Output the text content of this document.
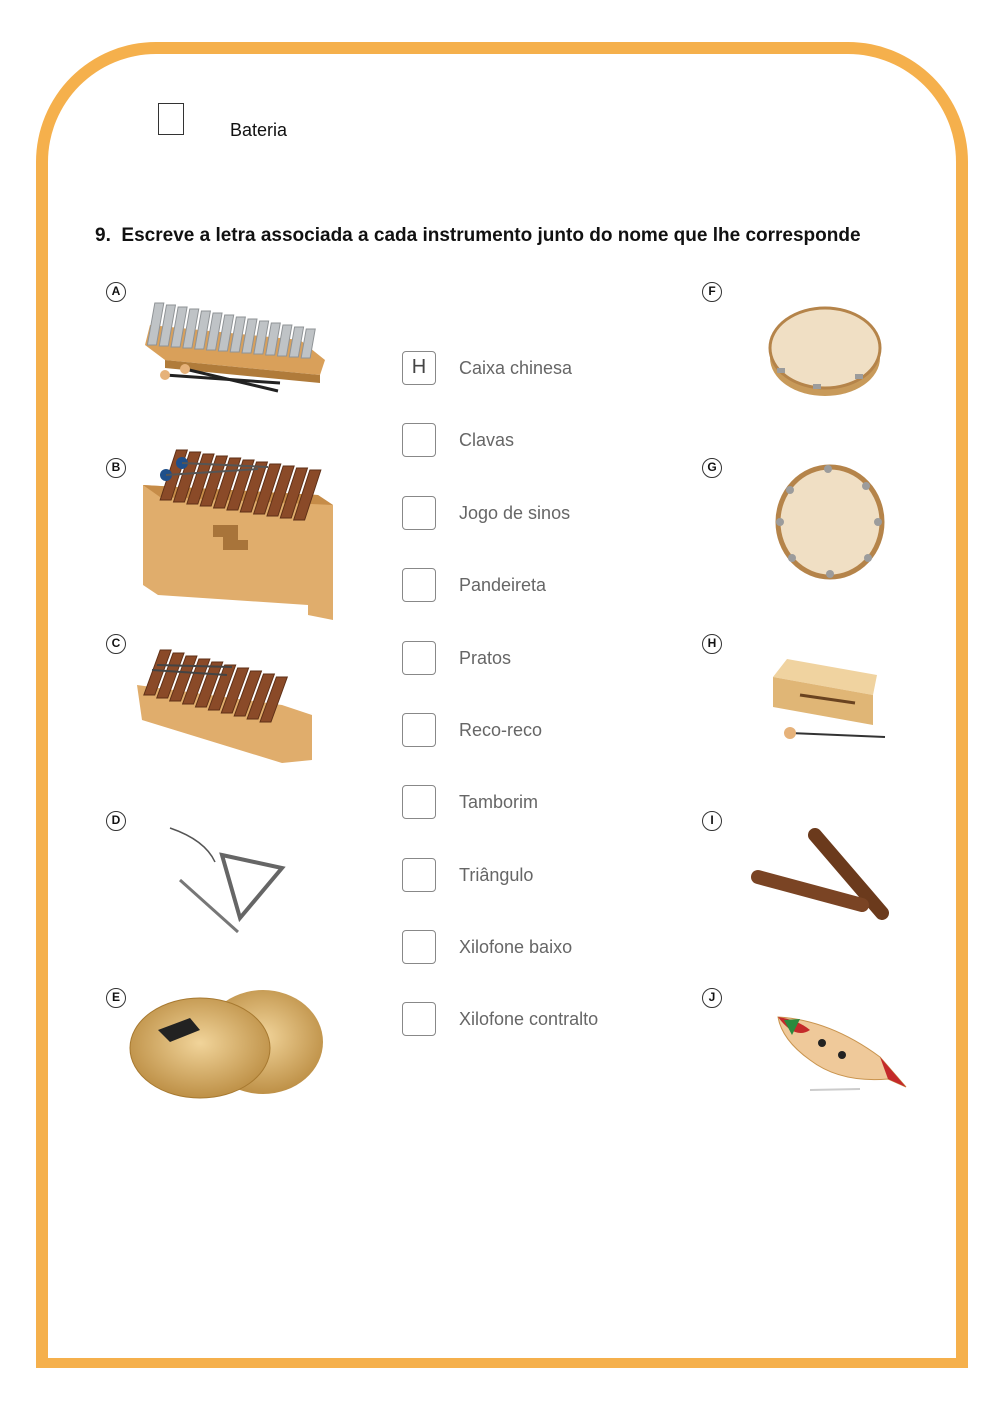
Bateria
9. Escreve a letra associada a cada instrumento junto do nome que lhe corresponde
A
B
C
D
E
F
G
H
I
J
H	Caixa chinesa
Clavas
Jogo de sinos
Pandeireta
Pratos
Reco-reco
Tamborim
Triângulo
Xilofone baixo
Xilofone contralto
